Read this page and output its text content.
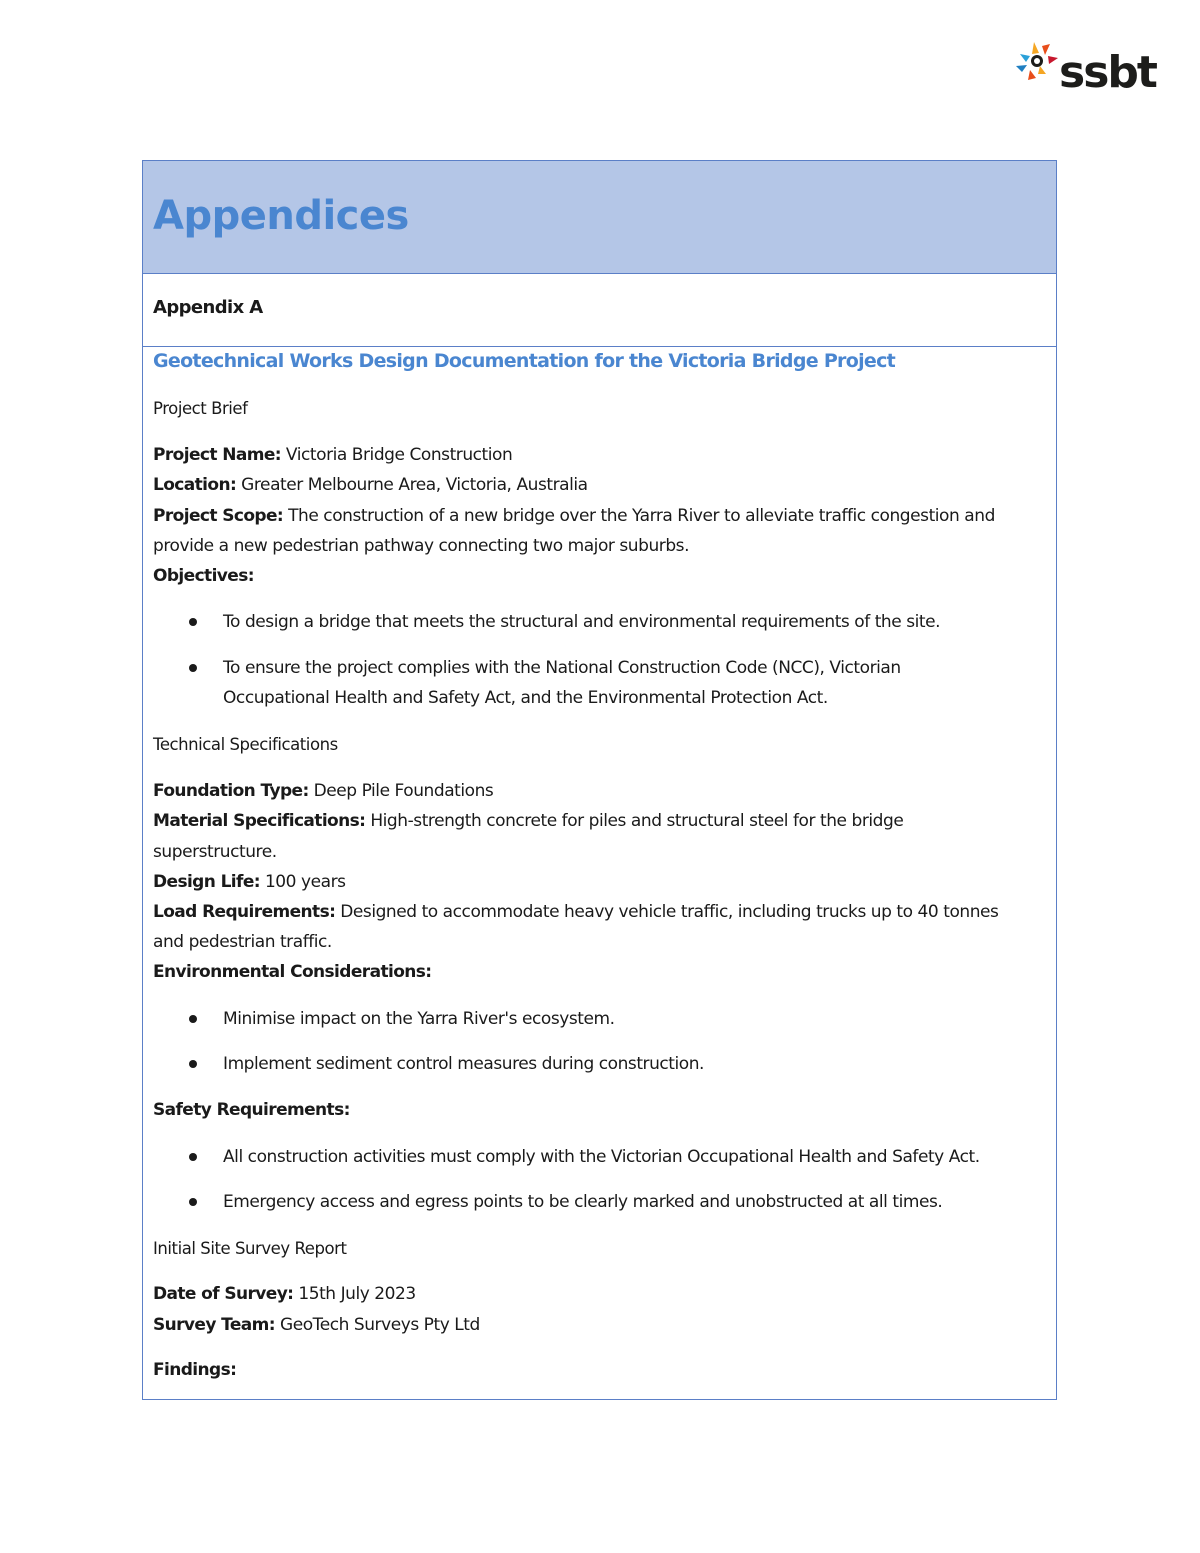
ssbt
Appendices
Appendix A
Geotechnical Works Design Documentation for the Victoria Bridge Project
Project Brief
Project Name: Victoria Bridge Construction
Location: Greater Melbourne Area, Victoria, Australia
Project Scope: The construction of a new bridge over the Yarra River to alleviate traffic congestion and
provide a new pedestrian pathway connecting two major suburbs.
Objectives:
To design a bridge that meets the structural and environmental requirements of the site.
To ensure the project complies with the National Construction Code (NCC), Victorian
Occupational Health and Safety Act, and the Environmental Protection Act.
Technical Specifications
Foundation Type: Deep Pile Foundations
Material Specifications: High-strength concrete for piles and structural steel for the bridge
superstructure.
Design Life: 100 years
Load Requirements: Designed to accommodate heavy vehicle traffic, including trucks up to 40 tonnes
and pedestrian traffic.
Environmental Considerations:
Minimise impact on the Yarra River's ecosystem.
Implement sediment control measures during construction.
Safety Requirements:
All construction activities must comply with the Victorian Occupational Health and Safety Act.
Emergency access and egress points to be clearly marked and unobstructed at all times.
Initial Site Survey Report
Date of Survey: 15th July 2023
Survey Team: GeoTech Surveys Pty Ltd
Findings:
